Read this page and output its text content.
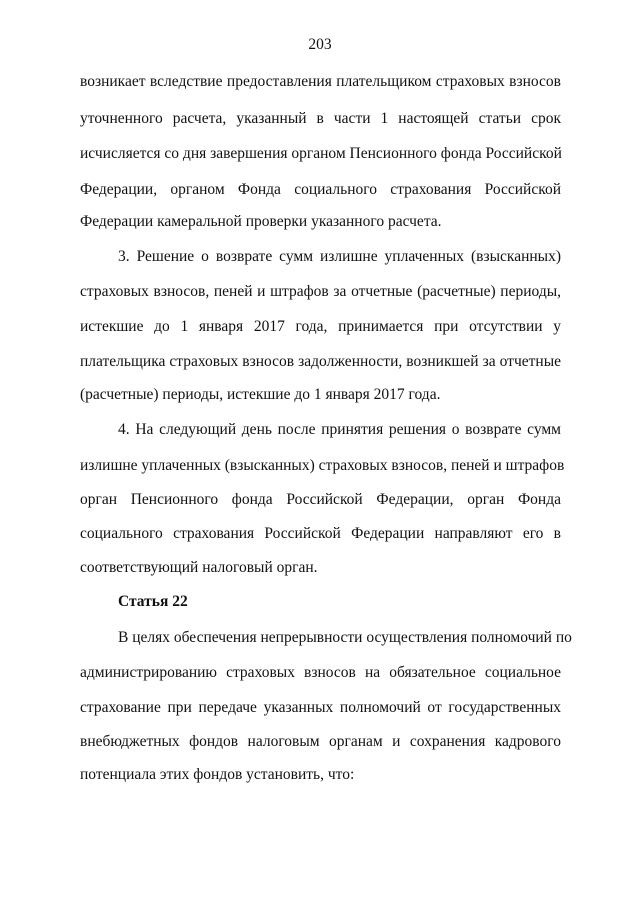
203
возникает вследствие предоставления плательщиком страховых взносов
уточненного расчета, указанный в части 1 настоящей статьи срок
исчисляется со дня завершения органом Пенсионного фонда Российской
Федерации, органом Фонда социального страхования Российской
Федерации камеральной проверки указанного расчета.
3. Решение о возврате сумм излишне уплаченных (взысканных)
страховых взносов, пеней и штрафов за отчетные (расчетные) периоды,
истекшие до 1 января 2017 года, принимается при отсутствии у
плательщика страховых взносов задолженности, возникшей за отчетные
(расчетные) периоды, истекшие до 1 января 2017 года.
4. На следующий день после принятия решения о возврате сумм
излишне уплаченных (взысканных) страховых взносов, пеней и штрафов
орган Пенсионного фонда Российской Федерации, орган Фонда
социального страхования Российской Федерации направляют его в
соответствующий налоговый орган.
Статья 22
В целях обеспечения непрерывности осуществления полномочий по
администрированию страховых взносов на обязательное социальное
страхование при передаче указанных полномочий от государственных
внебюджетных фондов налоговым органам и сохранения кадрового
потенциала этих фондов установить, что:
